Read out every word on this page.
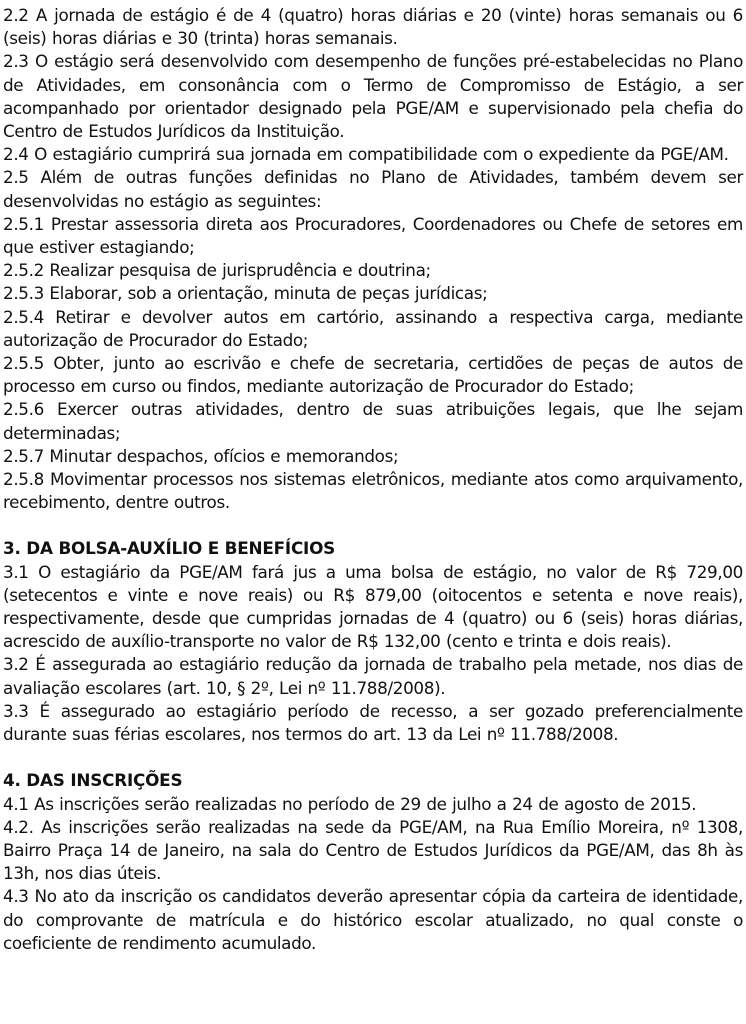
2.2 A jornada de estágio é de 4 (quatro) horas diárias e 20 (vinte) horas semanais ou 6 (seis) horas diárias e 30 (trinta) horas semanais.

2.3 O estágio será desenvolvido com desempenho de funções pré-estabelecidas no Plano de Atividades, em consonância com o Termo de Compromisso de Estágio, a ser acompanhado por orientador designado pela PGE/AM e supervisionado pela chefia do Centro de Estudos Jurídicos da Instituição.

2.4 O estagiário cumprirá sua jornada em compatibilidade com o expediente da PGE/AM.

2.5 Além de outras funções definidas no Plano de Atividades, também devem ser desenvolvidas no estágio as seguintes:

2.5.1 Prestar assessoria direta aos Procuradores, Coordenadores ou Chefe de setores em que estiver estagiando;

2.5.2 Realizar pesquisa de jurisprudência e doutrina;

2.5.3 Elaborar, sob a orientação, minuta de peças jurídicas;

2.5.4 Retirar e devolver autos em cartório, assinando a respectiva carga, mediante autorização de Procurador do Estado;

2.5.5 Obter, junto ao escrivão e chefe de secretaria, certidões de peças de autos de processo em curso ou findos, mediante autorização de Procurador do Estado;

2.5.6 Exercer outras atividades, dentro de suas atribuições legais, que lhe sejam determinadas;

2.5.7 Minutar despachos, ofícios e memorandos;

2.5.8 Movimentar processos nos sistemas eletrônicos, mediante atos como arquivamento, recebimento, dentre outros.

3. DA BOLSA-AUXÍLIO E BENEFÍCIOS

3.1 O estagiário da PGE/AM fará jus a uma bolsa de estágio, no valor de R$ 729,00 (setecentos e vinte e nove reais) ou R$ 879,00 (oitocentos e setenta e nove reais), respectivamente, desde que cumpridas jornadas de 4 (quatro) ou 6 (seis) horas diárias, acrescido de auxílio-transporte no valor de R$ 132,00 (cento e trinta e dois reais).

3.2 É assegurada ao estagiário redução da jornada de trabalho pela metade, nos dias de avaliação escolares (art. 10, § 2º, Lei nº 11.788/2008).

3.3 É assegurado ao estagiário período de recesso, a ser gozado preferencialmente durante suas férias escolares, nos termos do art. 13 da Lei nº 11.788/2008.

4. DAS INSCRIÇÕES

4.1 As inscrições serão realizadas no período de 29 de julho a 24 de agosto de 2015.

4.2. As inscrições serão realizadas na sede da PGE/AM, na Rua Emílio Moreira, nº 1308, Bairro Praça 14 de Janeiro, na sala do Centro de Estudos Jurídicos da PGE/AM, das 8h às 13h, nos dias úteis.

4.3 No ato da inscrição os candidatos deverão apresentar cópia da carteira de identidade, do comprovante de matrícula e do histórico escolar atualizado, no qual conste o coeficiente de rendimento acumulado.
